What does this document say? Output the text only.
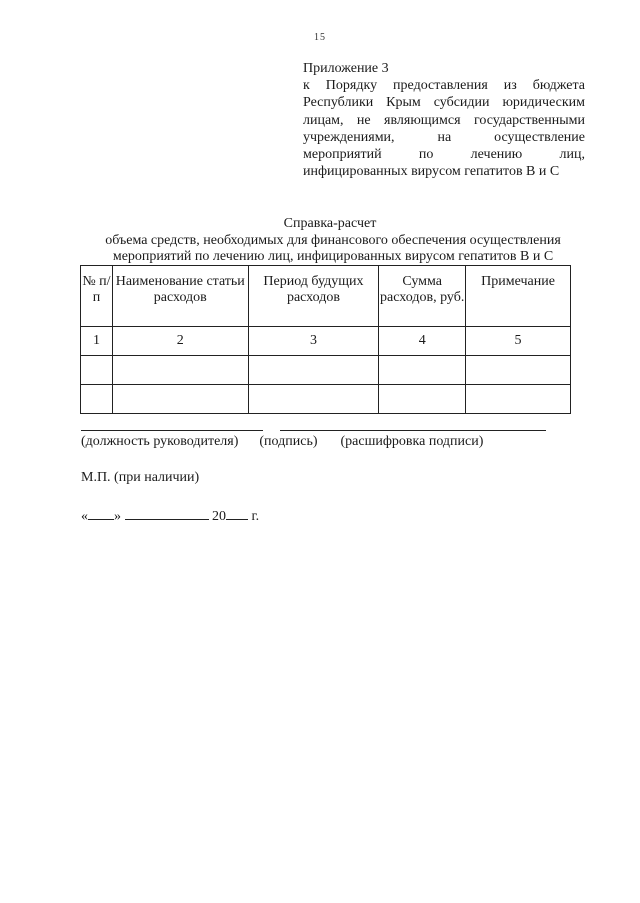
15
Приложение 3
к Порядку предоставления из бюджета
Республики Крым субсидии юридическим
лицам, не являющимся государственными
учреждениями, на осуществление
мероприятий по лечению лиц,
инфицированных вирусом гепатитов В и С
Справка-расчет
объема средств, необходимых для финансового обеспечения осуществления
мероприятий по лечению лиц, инфицированных вирусом гепатитов В и С
№ п/п	Наименование статьи расходов	Период будущих расходов	Сумма расходов, руб.	Примечание
1	2	3	4	5

(должность руководителя) (подпись) (расшифровка подписи)
М.П. (при наличии)
« »	20 г.
